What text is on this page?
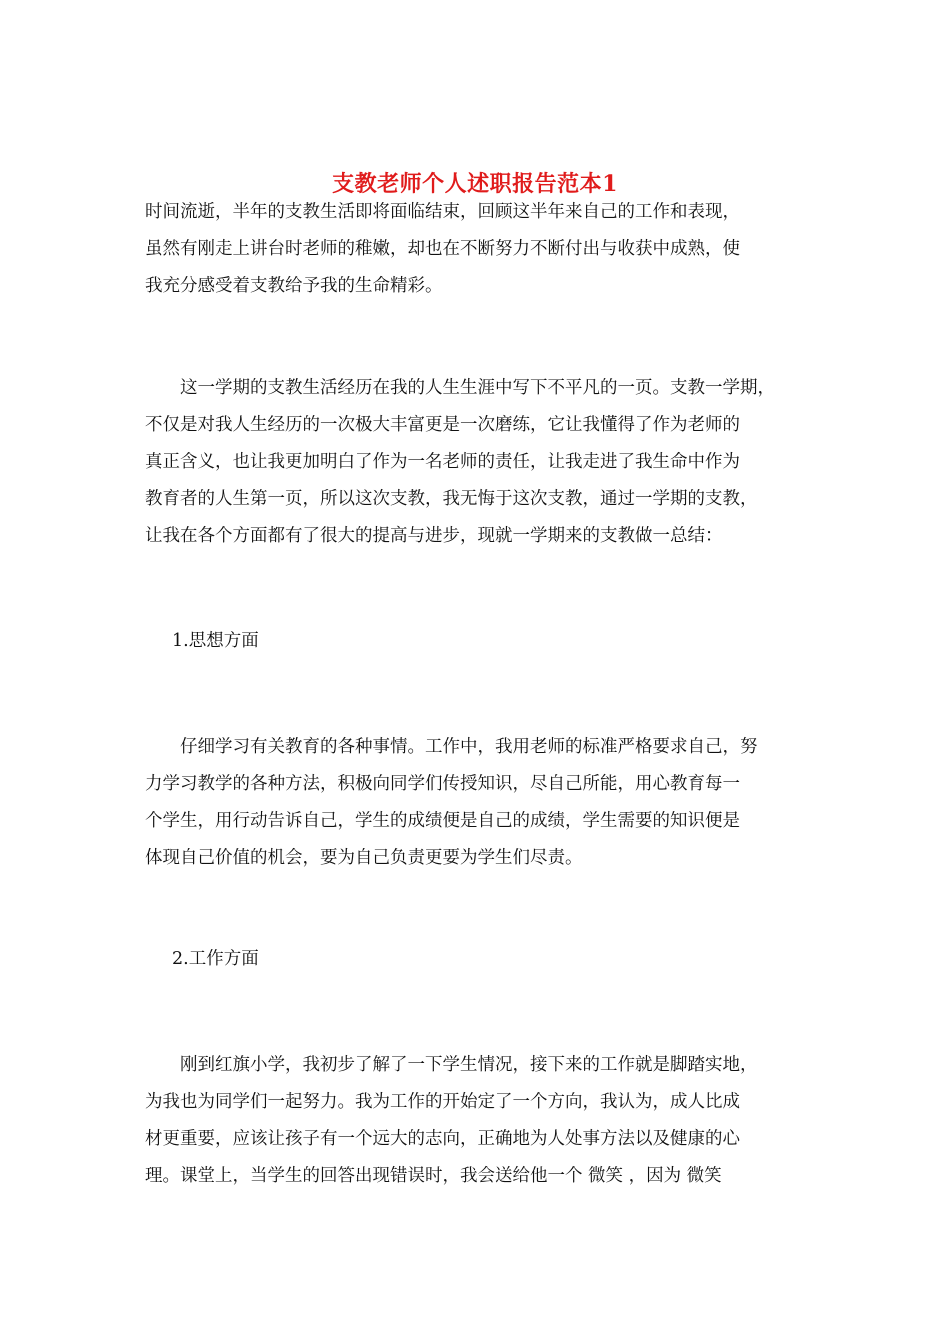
支教老师个人述职报告范本1
时间流逝，半年的支教生活即将面临结束，回顾这半年来自己的工作和表现，
虽然有刚走上讲台时老师的稚嫩，却也在不断努力不断付出与收获中成熟，使
我充分感受着支教给予我的生命精彩。
　　这一学期的支教生活经历在我的人生生涯中写下不平凡的一页。支教一学期，
不仅是对我人生经历的一次极大丰富更是一次磨练，它让我懂得了作为老师的
真正含义，也让我更加明白了作为一名老师的责任，让我走进了我生命中作为
教育者的人生第一页，所以这次支教，我无悔于这次支教，通过一学期的支教，
让我在各个方面都有了很大的提高与进步，现就一学期来的支教做一总结：
1.思想方面
　　仔细学习有关教育的各种事情。工作中，我用老师的标准严格要求自己，努
力学习教学的各种方法，积极向同学们传授知识，尽自己所能，用心教育每一
个学生，用行动告诉自己，学生的成绩便是自己的成绩，学生需要的知识便是
体现自己价值的机会，要为自己负责更要为学生们尽责。
2.工作方面
　　刚到红旗小学，我初步了解了一下学生情况，接下来的工作就是脚踏实地，
为我也为同学们一起努力。我为工作的开始定了一个方向，我认为，成人比成
材更重要，应该让孩子有一个远大的志向，正确地为人处事方法以及健康的心
理。课堂上，当学生的回答出现错误时，我会送给他一个 微笑 ，因为 微笑
